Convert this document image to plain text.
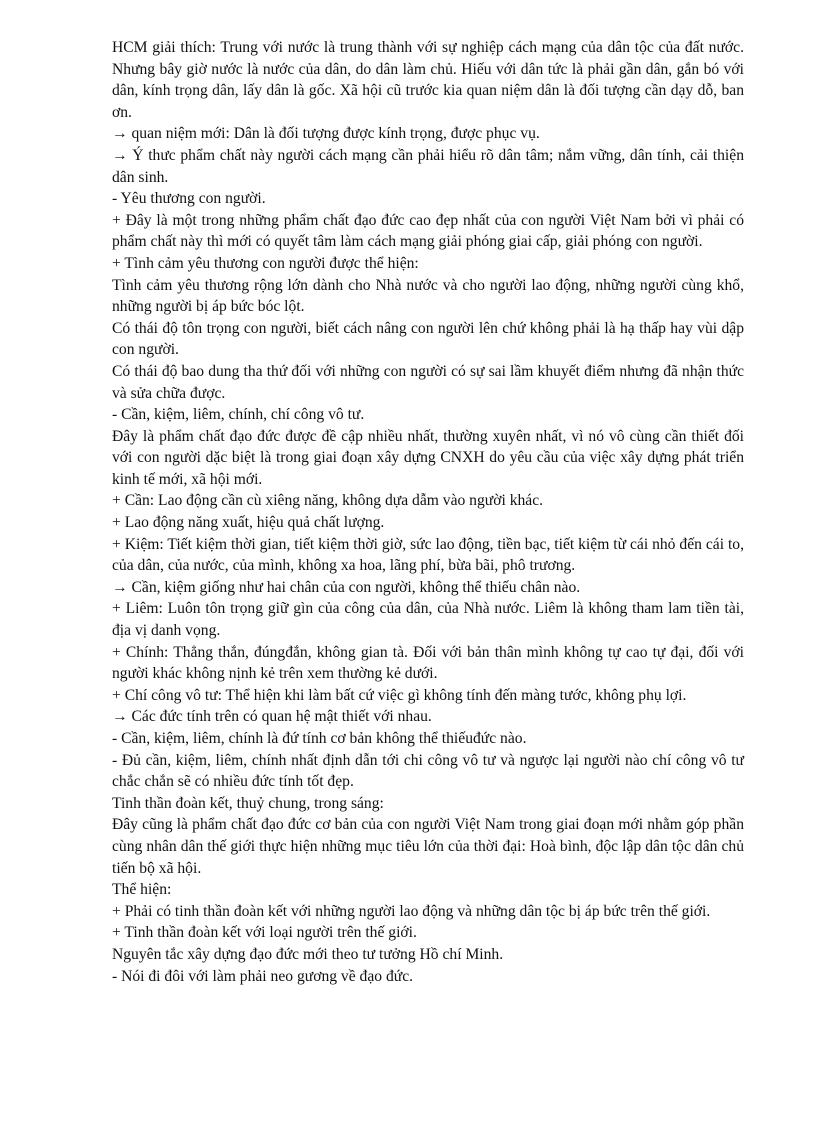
HCM giải thích: Trung với nước là trung thành với sự nghiệp cách mạng của dân tộc của đất nước. Nhưng bây giờ nước là nước của dân, do dân làm chủ. Hiếu với dân tức là phải gần dân, gắn bó với dân, kính trọng dân, lấy dân là gốc. Xã hội cũ trước kia quan niệm dân là đối tượng cần dạy dỗ, ban ơn.

→ quan niệm mới: Dân là đối tượng được kính trọng, được phục vụ.

→ Ý thưc phẩm chất này người cách mạng cần phải hiểu rõ dân tâm; nắm vững, dân tính, cải thiện dân sinh.

- Yêu thương con người.

+ Đây là một trong những phẩm chất đạo đức cao đẹp nhất của con người Việt Nam bởi vì phải có phẩm chất này thì mới có quyết tâm làm cách mạng giải phóng giai cấp, giải phóng con người.

+ Tình cảm yêu thương con người được thể hiện:

Tình cảm yêu thương rộng lớn dành cho Nhà nước và cho người lao động, những người cùng khổ, những người bị áp bức bóc lột.

Có thái độ tôn trọng con người, biết cách nâng con người lên chứ không phải là hạ thấp hay vùi dập con người.

Có thái độ bao dung tha thứ đối với những con người có sự sai lầm khuyết điểm nhưng đã nhận thức và sửa chữa được.

- Cần, kiệm, liêm, chính, chí công vô tư.

Đây là phẩm chất đạo đức được đề cập nhiều nhất, thường xuyên nhất, vì nó vô cùng cần thiết đối với con người dặc biệt là trong giai đoạn xây dựng CNXH do yêu cầu của việc xây dựng phát triển kinh tế mới, xã hội mới.

+ Cần: Lao động cần cù xiêng năng, không dựa dẫm vào người khác.

+ Lao động năng xuất, hiệu quả chất lượng.

+ Kiệm: Tiết kiệm thời gian, tiết kiệm thời giờ, sức lao động, tiền bạc, tiết kiệm từ cái nhỏ đến cái to, của dân, của nước, của mình, không xa hoa, lãng phí, bừa bãi, phô trương.

→ Cần, kiệm giống như hai chân của con người, không thể thiếu chân nào.

+ Liêm: Luôn tôn trọng giữ gìn của công của dân, của Nhà nước. Liêm là không tham lam tiền tài, địa vị danh vọng.

+ Chính: Thẳng thắn, đúngđắn, không gian tà. Đối với bản thân mình không tự cao tự đại, đối với người khác không nịnh kẻ trên xem thường kẻ dưới.

+ Chí công vô tư: Thể hiện khi làm bất cứ việc gì không tính đến màng tước, không phụ lợi.

→ Các đức tính trên có quan hệ mật thiết với nhau.

- Cần, kiệm, liêm, chính là đứ tính cơ bản không thể thiếuđức nào.

- Đủ cần, kiệm, liêm, chính nhất định dẫn tới chi công vô tư và ngược lại người nào chí công vô tư chắc chắn sẽ có nhiều đức tính tốt đẹp.

Tinh thần đoàn kết, thuỷ chung, trong sáng:

Đây cũng là phẩm chất đạo đức cơ bản của con người Việt Nam trong giai đoạn mới nhằm góp phần cùng nhân dân thế giới thực hiện những mục tiêu lớn của thời đại: Hoà bình, độc lập dân tộc dân chủ tiến bộ xã hội.

Thể hiện:

+ Phải có tinh thần đoàn kết với những người lao động và những dân tộc bị áp bức trên thế giới.

+ Tinh thần đoàn kết với loại người trên thế giới.

Nguyên tắc xây dựng đạo đức mới theo tư tưởng Hồ chí Minh.

- Nói đi đôi với làm phải neo gương về đạo đức.
